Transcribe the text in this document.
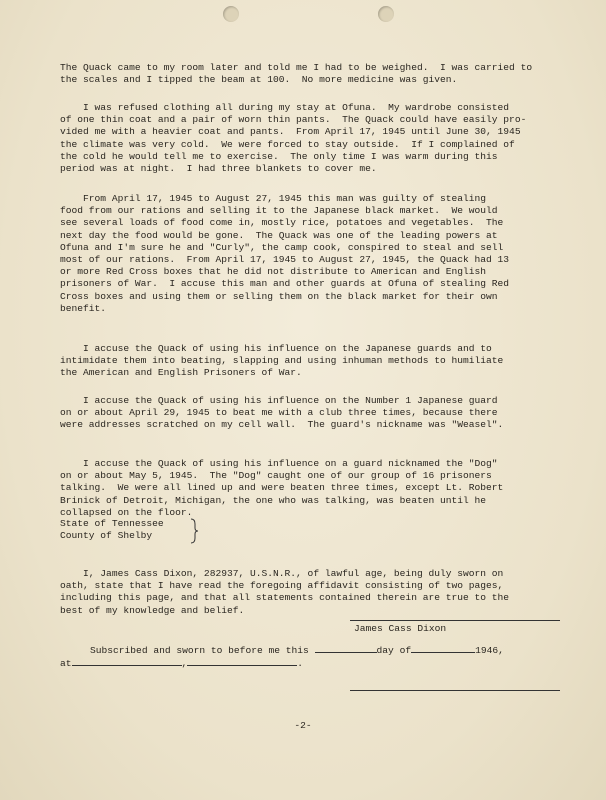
The Quack came to my room later and told me I had to be weighed.  I was carried to
the scales and I tipped the beam at 100.  No more medicine was given.

I was refused clothing all during my stay at Ofuna.  My wardrobe consisted
of one thin coat and a pair of worn thin pants.  The Quack could have easily pro-
vided me with a heavier coat and pants.  From April 17, 1945 until June 30, 1945
the climate was very cold.  We were forced to stay outside.  If I complained of
the cold he would tell me to exercise.  The only time I was warm during this
period was at night.  I had three blankets to cover me.

From April 17, 1945 to August 27, 1945 this man was guilty of stealing
food from our rations and selling it to the Japanese black market.  We would
see several loads of food come in, mostly rice, potatoes and vegetables.  The
next day the food would be gone.  The Quack was one of the leading powers at
Ofuna and I'm sure he and "Curly", the camp cook, conspired to steal and sell
most of our rations.  From April 17, 1945 to August 27, 1945, the Quack had 13
or more Red Cross boxes that he did not distribute to American and English
prisoners of War.  I accuse this man and other guards at Ofuna of stealing Red
Cross boxes and using them or selling them on the black market for their own
benefit.

I accuse the Quack of using his influence on the Japanese guards and to
intimidate them into beating, slapping and using inhuman methods to humiliate
the American and English Prisoners of War.

I accuse the Quack of using his influence on the Number 1 Japanese guard
on or about April 29, 1945 to beat me with a club three times, because there
were addresses scratched on my cell wall.  The guard's nickname was "Weasel".

I accuse the Quack of using his influence on a guard nicknamed the "Dog"
on or about May 5, 1945.  The "Dog" caught one of our group of 16 prisoners
talking.  We were all lined up and were beaten three times, except Lt. Robert
Brinick of Detroit, Michigan, the one who was talking, was beaten until he
collapsed on the floor.

State of Tennessee
County of Shelby

I, James Cass Dixon, 282937, U.S.N.R., of lawful age, being duly sworn on
oath, state that I have read the foregoing affidavit consisting of two pages,
including this page, and that all statements contained therein are true to the
best of my knowledge and belief.

James Cass Dixon
Subscribed and sworn to before me this	day of	1946,
at	,	.
-2-
